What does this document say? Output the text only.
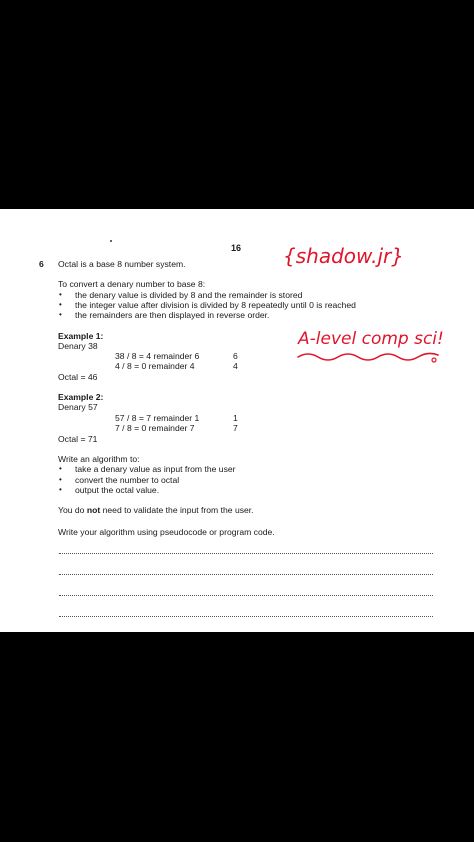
16 {shadow.jr}
6 Octal is a base 8 number system.
To convert a denary number to base 8:
• the denary value is divided by 8 and the remainder is stored
• the integer value after division is divided by 8 repeatedly until 0 is reached
• the remainders are then displayed in reverse order.
A-level comp sci!
Example 1:
Denary 38
38 / 8 = 4 remainder 6	6
4 / 8 = 0 remainder 4	4
Octal = 46
Example 2:
Denary 57
57 / 8 = 7 remainder 1	1
7 / 8 = 0 remainder 7	7
Octal = 71
Write an algorithm to:
• take a denary value as input from the user
• convert the number to octal
• output the octal value.
You do not need to validate the input from the user.
Write your algorithm using pseudocode or program code.
